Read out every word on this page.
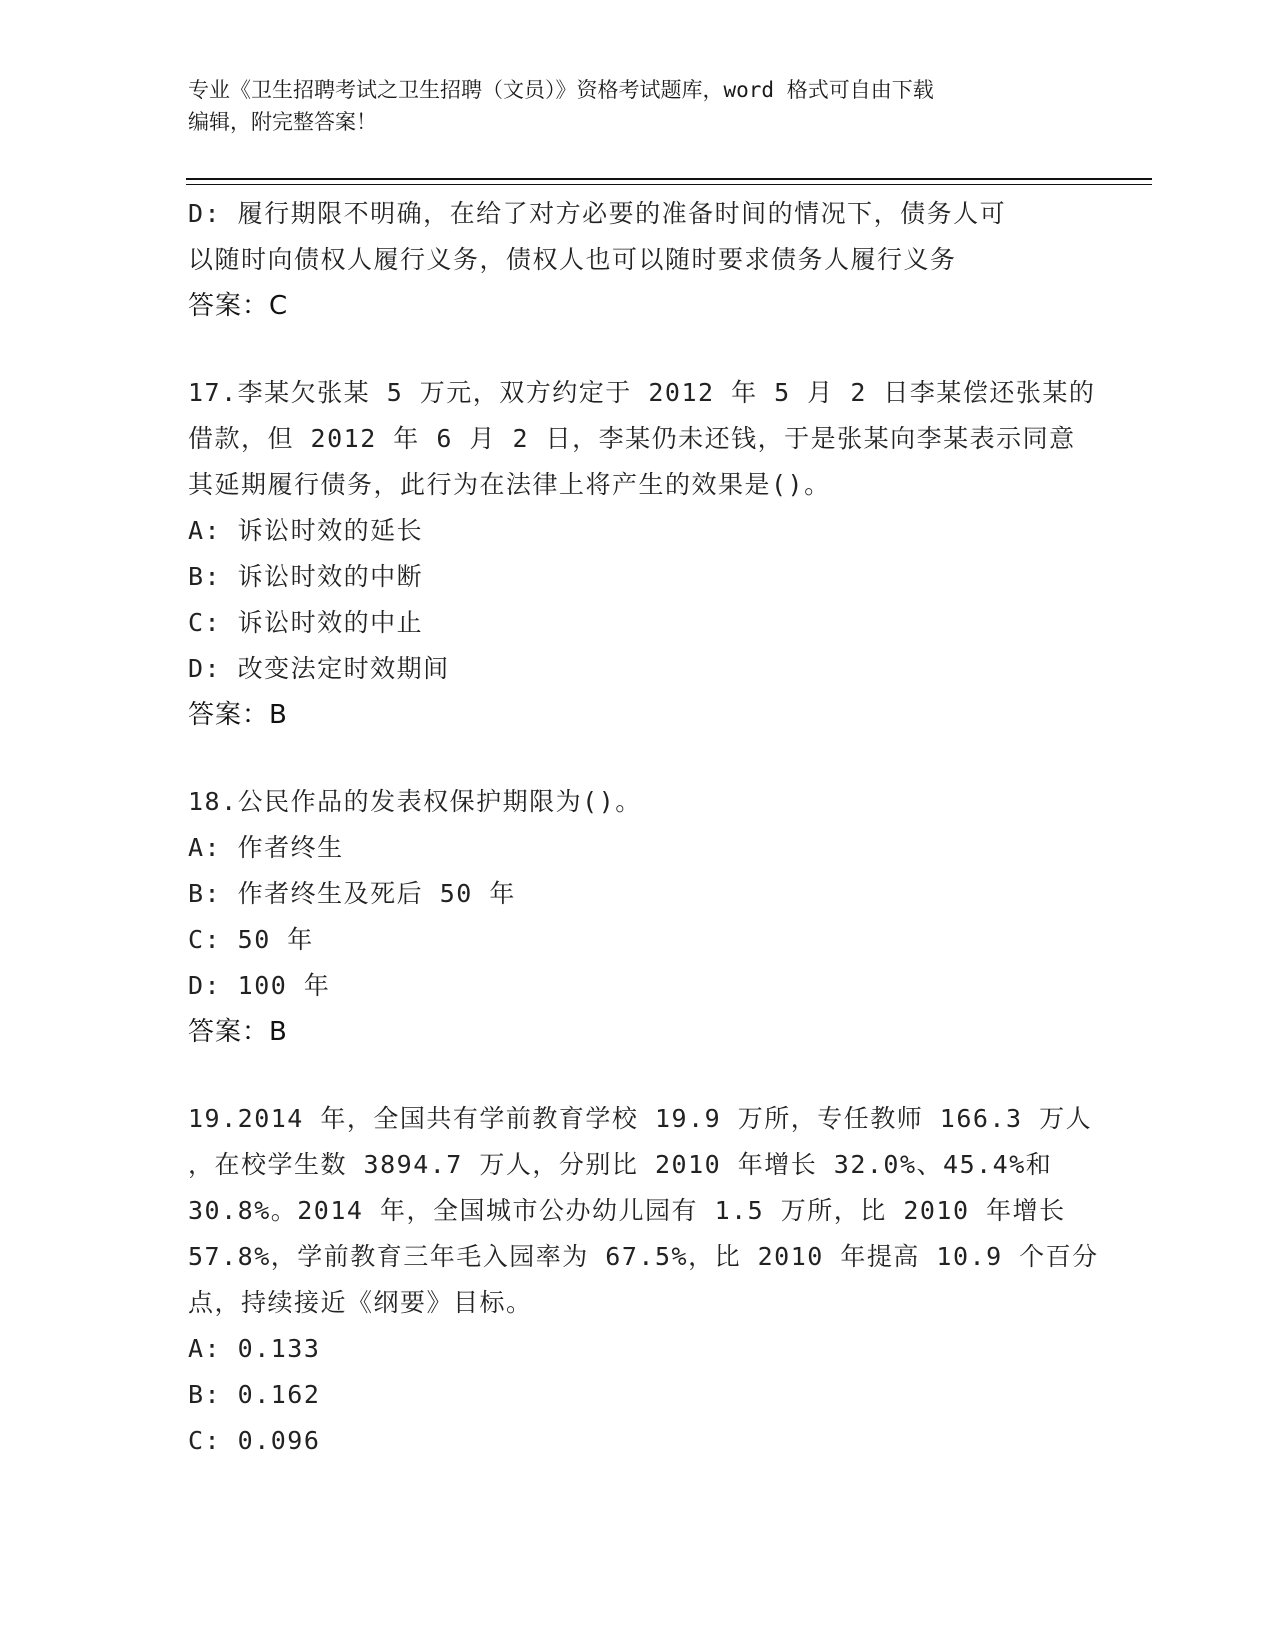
专业《卫生招聘考试之卫生招聘（文员）》资格考试题库，word 格式可自由下载
编辑，附完整答案！
D: 履行期限不明确，在给了对方必要的准备时间的情况下，债务人可
以随时向债权人履行义务，债权人也可以随时要求债务人履行义务
答案：C
17.李某欠张某 5 万元，双方约定于 2012 年 5 月 2 日李某偿还张某的
借款，但 2012 年 6 月 2 日，李某仍未还钱，于是张某向李某表示同意
其延期履行债务，此行为在法律上将产生的效果是()。
A: 诉讼时效的延长
B: 诉讼时效的中断
C: 诉讼时效的中止
D: 改变法定时效期间
答案：B
18.公民作品的发表权保护期限为()。
A: 作者终生
B: 作者终生及死后 50 年
C: 50 年
D: 100 年
答案：B
19.2014 年，全国共有学前教育学校 19.9 万所，专任教师 166.3 万人
，在校学生数 3894.7 万人，分别比 2010 年增长 32.0%、45.4%和
30.8%。2014 年，全国城市公办幼儿园有 1.5 万所，比 2010 年增长
57.8%，学前教育三年毛入园率为 67.5%，比 2010 年提高 10.9 个百分
点，持续接近《纲要》目标。
A: 0.133
B: 0.162
C: 0.096
